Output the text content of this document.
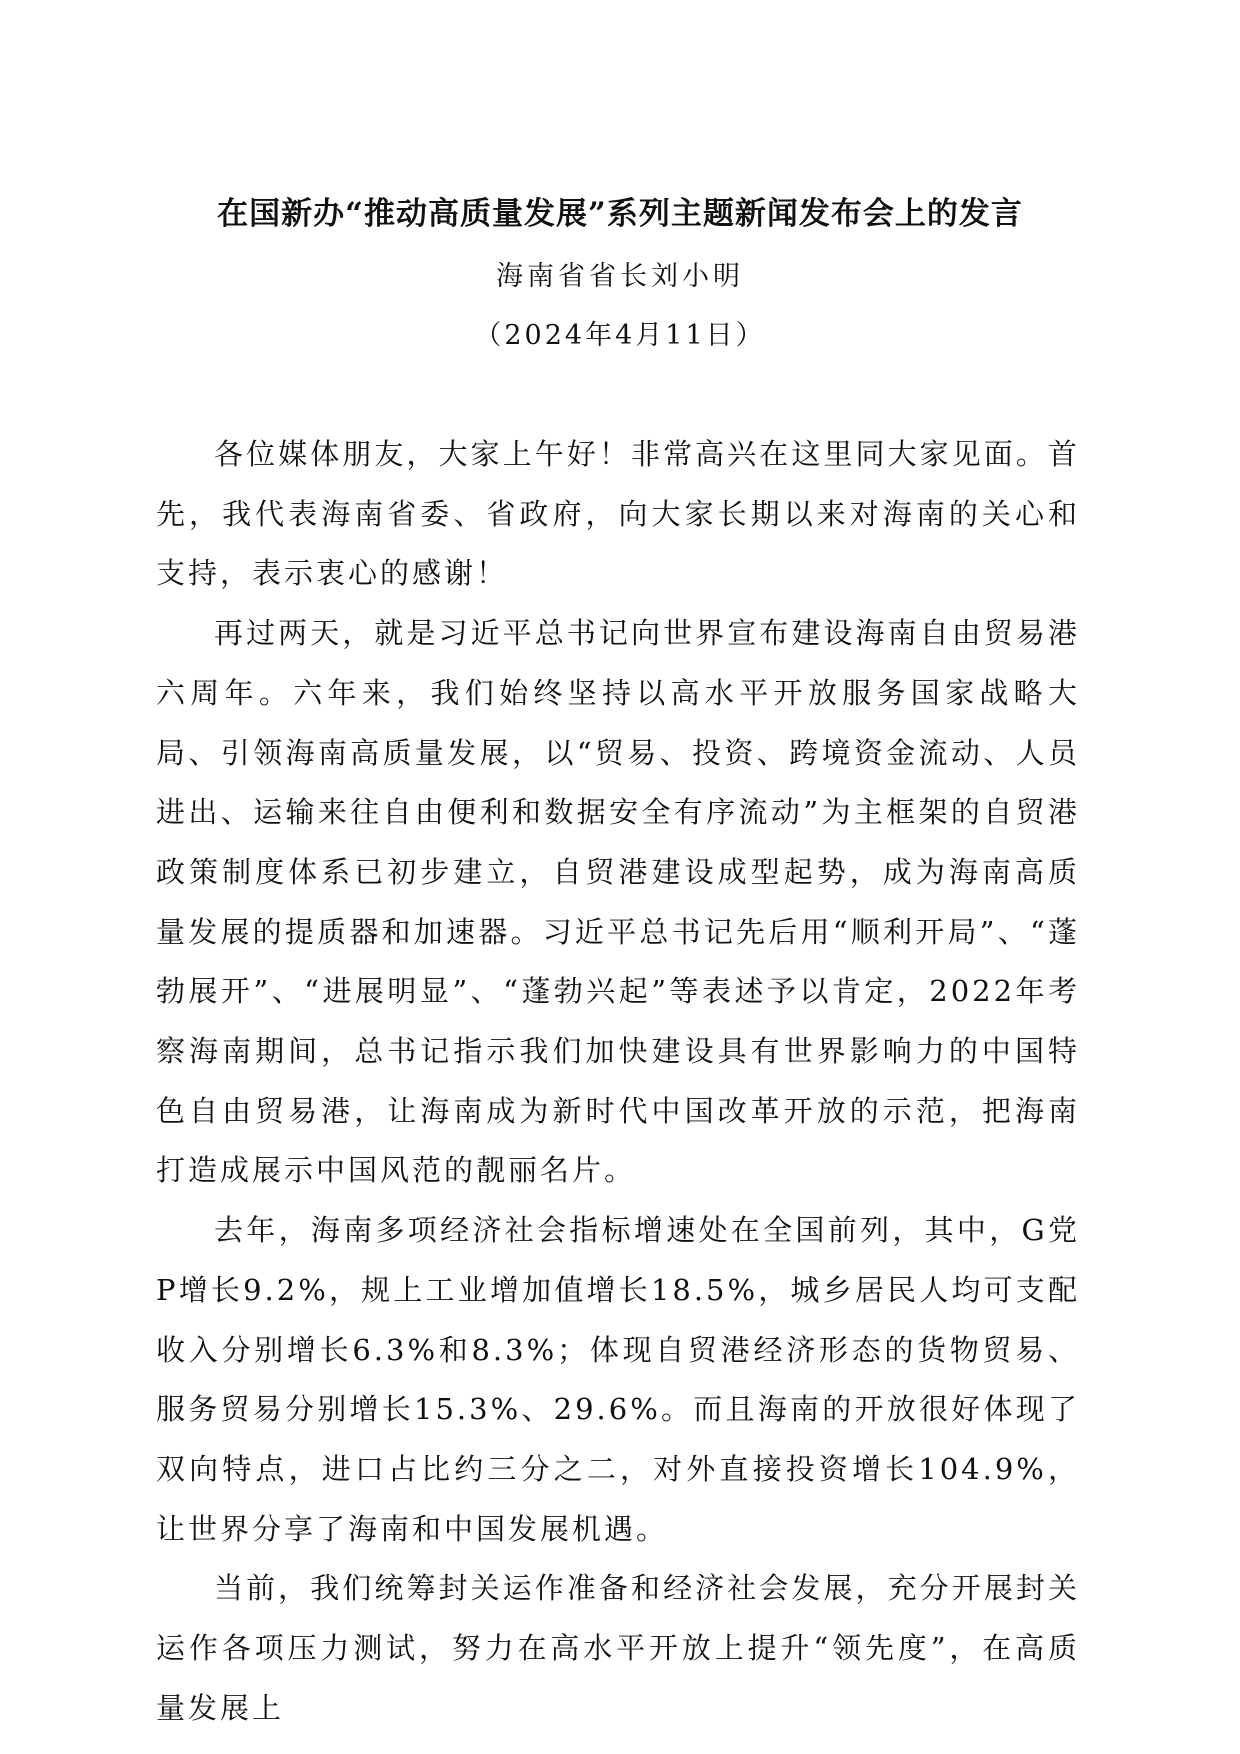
在国新办“推动高质量发展”系列主题新闻发布会上的发言
海南省省长刘小明
（2024年4月11日）

各位媒体朋友，大家上午好！非常高兴在这里同大家见面。首先，我代表海南省委、省政府，向大家长期以来对海南的关心和支持，表示衷心的感谢！

再过两天，就是习近平总书记向世界宣布建设海南自由贸易港六周年。六年来，我们始终坚持以高水平开放服务国家战略大局、引领海南高质量发展，以“贸易、投资、跨境资金流动、人员进出、运输来往自由便利和数据安全有序流动”为主框架的自贸港政策制度体系已初步建立，自贸港建设成型起势，成为海南高质量发展的提质器和加速器。习近平总书记先后用“顺利开局”、“蓬勃展开”、“进展明显”、“蓬勃兴起”等表述予以肯定，2022年考察海南期间，总书记指示我们加快建设具有世界影响力的中国特色自由贸易港，让海南成为新时代中国改革开放的示范，把海南打造成展示中国风范的靓丽名片。

去年，海南多项经济社会指标增速处在全国前列，其中，G党P增长9.2%，规上工业增加值增长18.5%，城乡居民人均可支配收入分别增长6.3%和8.3%；体现自贸港经济形态的货物贸易、服务贸易分别增长15.3%、29.6%。而且海南的开放很好体现了双向特点，进口占比约三分之二，对外直接投资增长104.9%，让世界分享了海南和中国发展机遇。

当前，我们统筹封关运作准备和经济社会发展，充分开展封关运作各项压力测试，努力在高水平开放上提升“领先度”，在高质量发展上
